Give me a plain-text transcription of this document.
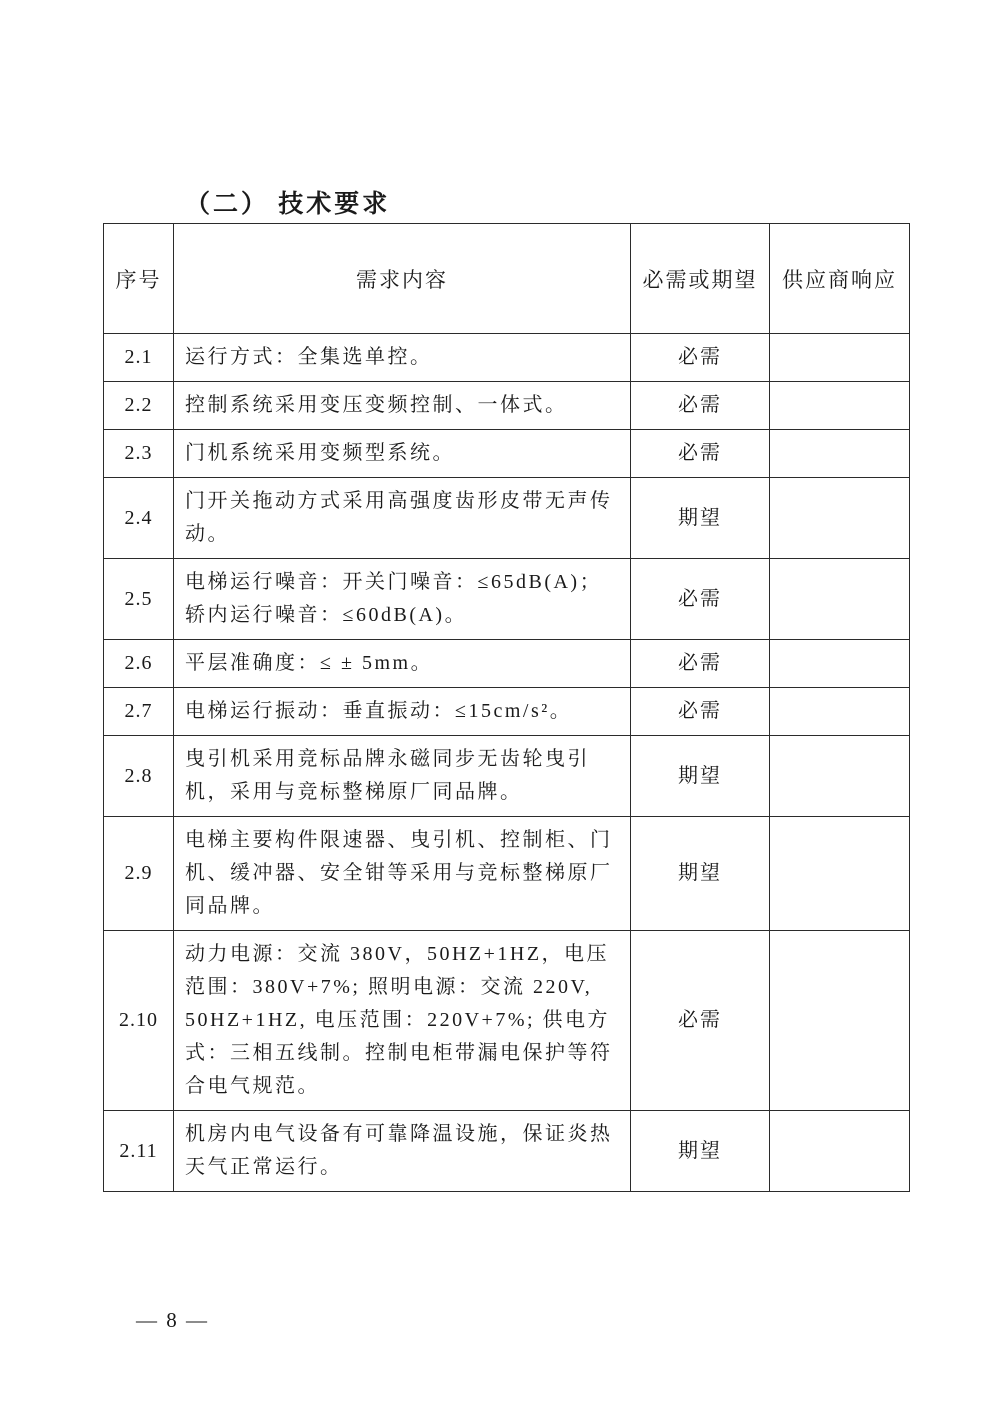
（二） 技术要求
序号	需求内容	必需或期望	供应商响应
2.1	运行方式：全集选单控。	必需	
2.2	控制系统采用变压变频控制、一体式。	必需	
2.3	门机系统采用变频型系统。	必需	
2.4	门开关拖动方式采用高强度齿形皮带无声传动。	期望	
2.5	电梯运行噪音：开关门噪音：≤65dB(A)；轿内运行噪音：≤60dB(A)。	必需	
2.6	平层准确度：≤ ± 5mm。	必需	
2.7	电梯运行振动：垂直振动：≤15cm/s²。	必需	
2.8	曳引机采用竞标品牌永磁同步无齿轮曳引机，采用与竞标整梯原厂同品牌。	期望	
2.9	电梯主要构件限速器、曳引机、控制柜、门机、缓冲器、安全钳等采用与竞标整梯原厂同品牌。	期望	
2.10	动力电源：交流 380V，50HZ+1HZ，电压范围：380V+7%; 照明电源：交流 220V, 50HZ+1HZ, 电压范围：220V+7%; 供电方式：三相五线制。控制电柜带漏电保护等符合电气规范。	必需	
2.11	机房内电气设备有可靠降温设施，保证炎热天气正常运行。	期望	
— 8 —
